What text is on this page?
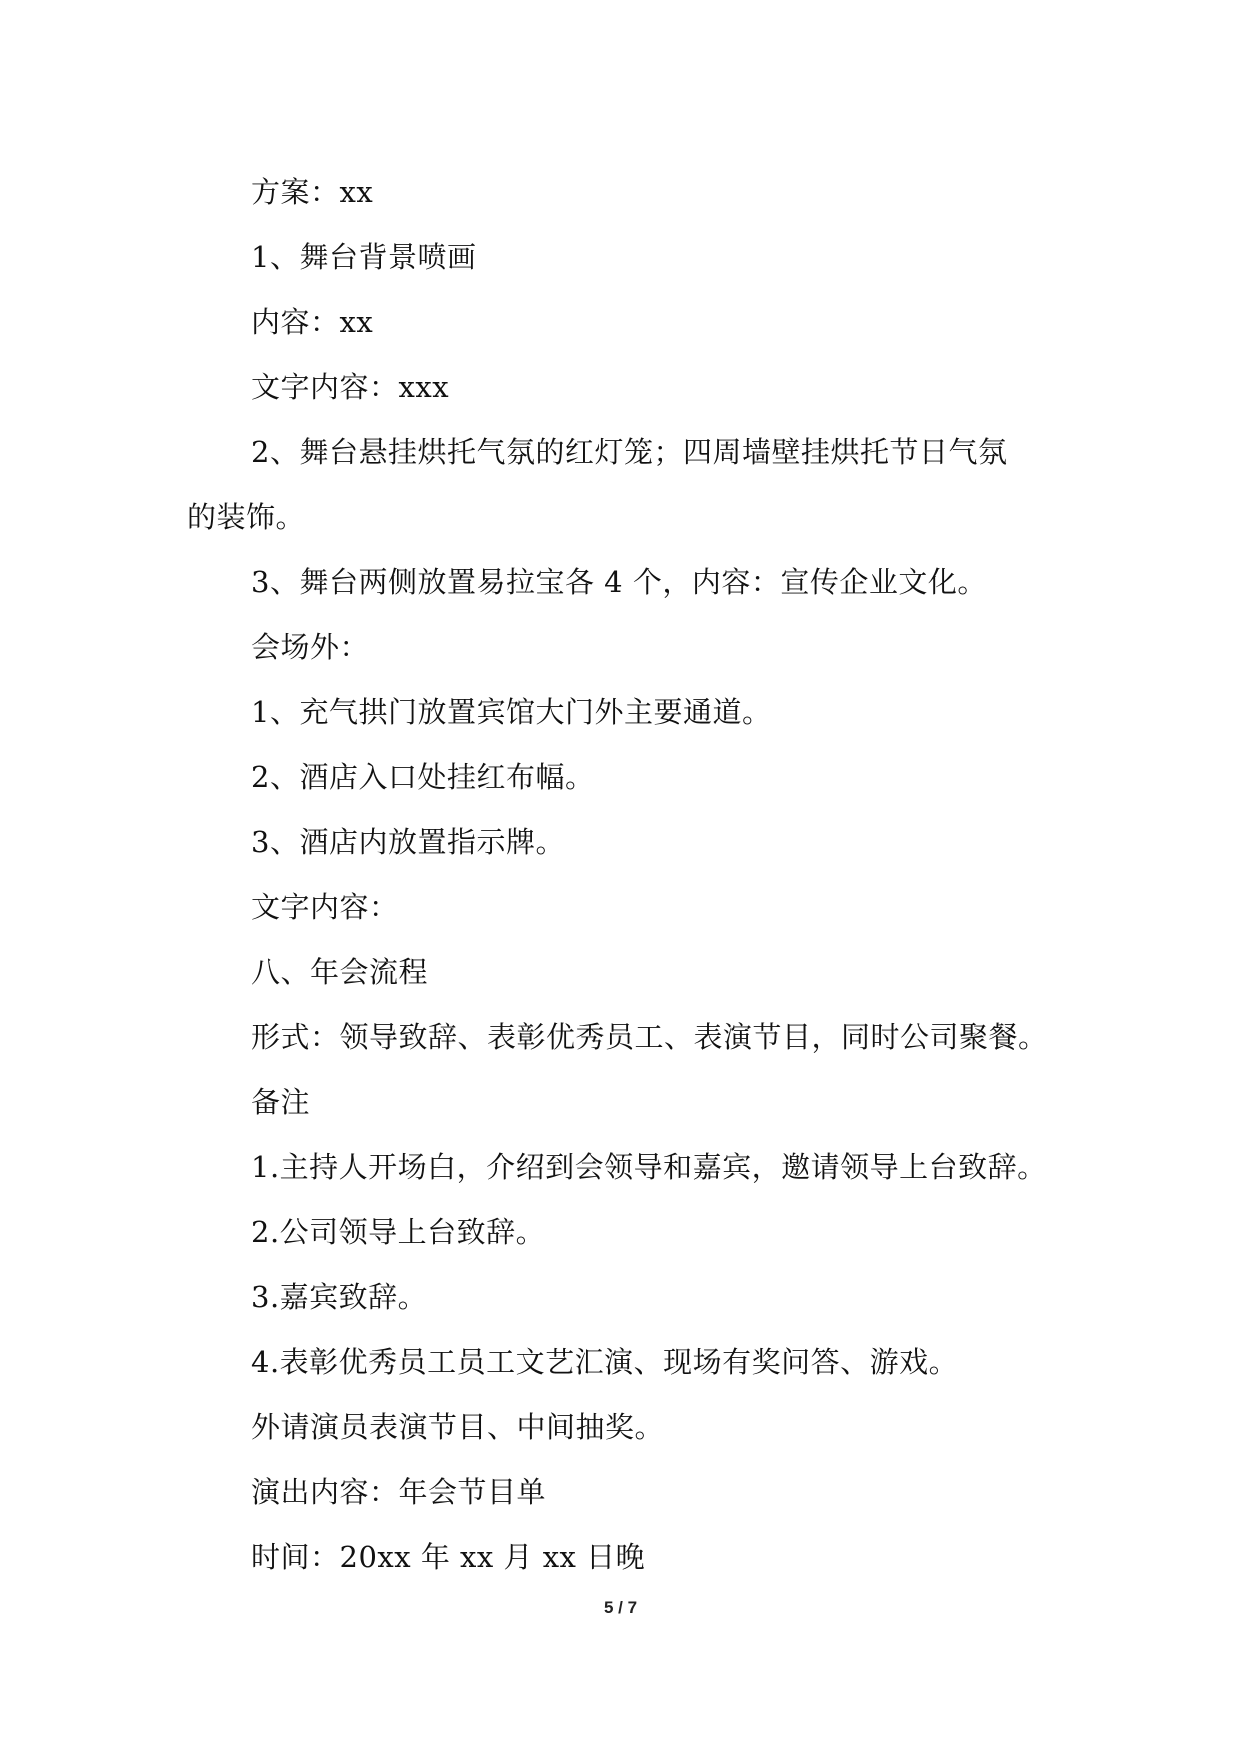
方案：xx
1、舞台背景喷画
内容：xx
文字内容：xxx
2、舞台悬挂烘托气氛的红灯笼；四周墙壁挂烘托节日气氛
的装饰。
3、舞台两侧放置易拉宝各 4 个，内容：宣传企业文化。
会场外：
1、充气拱门放置宾馆大门外主要通道。
2、酒店入口处挂红布幅。
3、酒店内放置指示牌。
文字内容：
八、年会流程
形式：领导致辞、表彰优秀员工、表演节目，同时公司聚餐。
备注
1.主持人开场白，介绍到会领导和嘉宾，邀请领导上台致辞。
2.公司领导上台致辞。
3.嘉宾致辞。
4.表彰优秀员工员工文艺汇演、现场有奖问答、游戏。
外请演员表演节目、中间抽奖。
演出内容：年会节目单
时间：20xx 年 xx 月 xx 日晚
5 / 7
